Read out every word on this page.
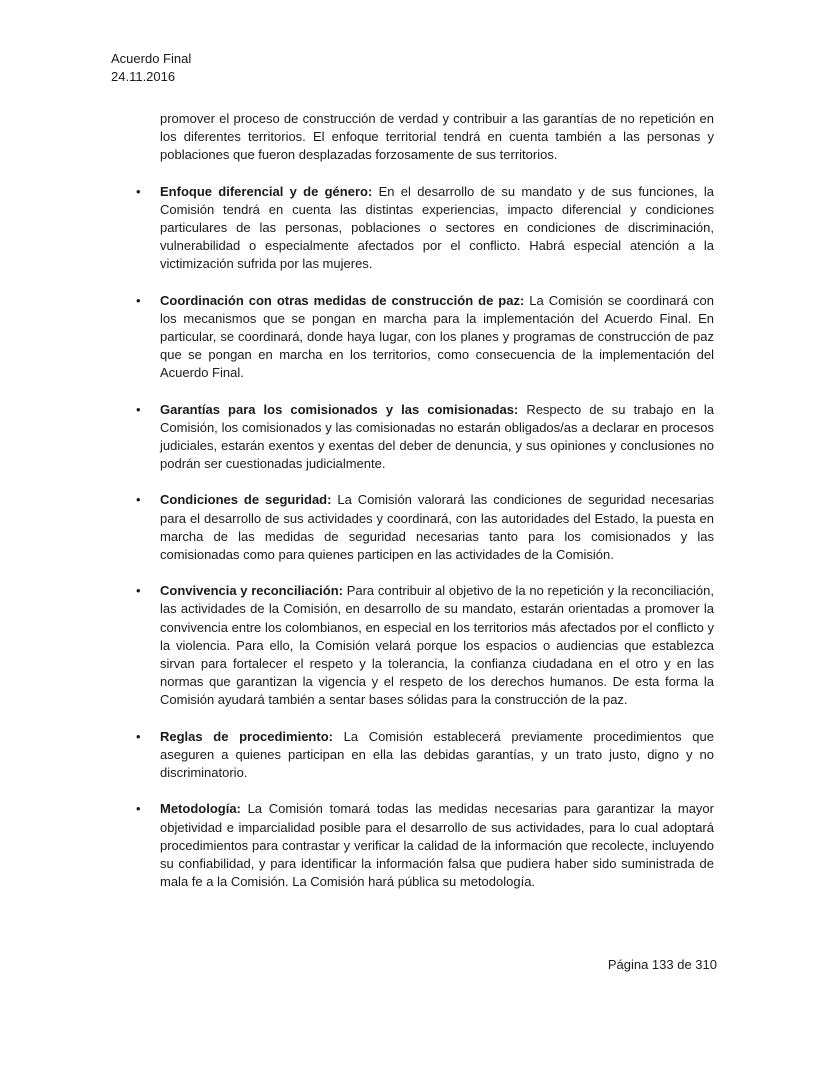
Acuerdo Final
24.11.2016

promover el proceso de construcción de verdad y contribuir a las garantías de no repetición en los diferentes territorios. El enfoque territorial tendrá en cuenta también a las personas y poblaciones que fueron desplazadas forzosamente de sus territorios.

• Enfoque diferencial y de género: En el desarrollo de su mandato y de sus funciones, la Comisión tendrá en cuenta las distintas experiencias, impacto diferencial y condiciones particulares de las personas, poblaciones o sectores en condiciones de discriminación, vulnerabilidad o especialmente afectados por el conflicto. Habrá especial atención a la victimización sufrida por las mujeres.
• Coordinación con otras medidas de construcción de paz: La Comisión se coordinará con los mecanismos que se pongan en marcha para la implementación del Acuerdo Final. En particular, se coordinará, donde haya lugar, con los planes y programas de construcción de paz que se pongan en marcha en los territorios, como consecuencia de la implementación del Acuerdo Final.
• Garantías para los comisionados y las comisionadas: Respecto de su trabajo en la Comisión, los comisionados y las comisionadas no estarán obligados/as a declarar en procesos judiciales, estarán exentos y exentas del deber de denuncia, y sus opiniones y conclusiones no podrán ser cuestionadas judicialmente.
• Condiciones de seguridad: La Comisión valorará las condiciones de seguridad necesarias para el desarrollo de sus actividades y coordinará, con las autoridades del Estado, la puesta en marcha de las medidas de seguridad necesarias tanto para los comisionados y las comisionadas como para quienes participen en las actividades de la Comisión.
• Convivencia y reconciliación: Para contribuir al objetivo de la no repetición y la reconciliación, las actividades de la Comisión, en desarrollo de su mandato, estarán orientadas a promover la convivencia entre los colombianos, en especial en los territorios más afectados por el conflicto y la violencia. Para ello, la Comisión velará porque los espacios o audiencias que establezca sirvan para fortalecer el respeto y la tolerancia, la confianza ciudadana en el otro y en las normas que garantizan la vigencia y el respeto de los derechos humanos. De esta forma la Comisión ayudará también a sentar bases sólidas para la construcción de la paz.
• Reglas de procedimiento: La Comisión establecerá previamente procedimientos que aseguren a quienes participan en ella las debidas garantías, y un trato justo, digno y no discriminatorio.
• Metodología: La Comisión tomará todas las medidas necesarias para garantizar la mayor objetividad e imparcialidad posible para el desarrollo de sus actividades, para lo cual adoptará procedimientos para contrastar y verificar la calidad de la información que recolecte, incluyendo su confiabilidad, y para identificar la información falsa que pudiera haber sido suministrada de mala fe a la Comisión. La Comisión hará pública su metodología.
Página 133 de 310
